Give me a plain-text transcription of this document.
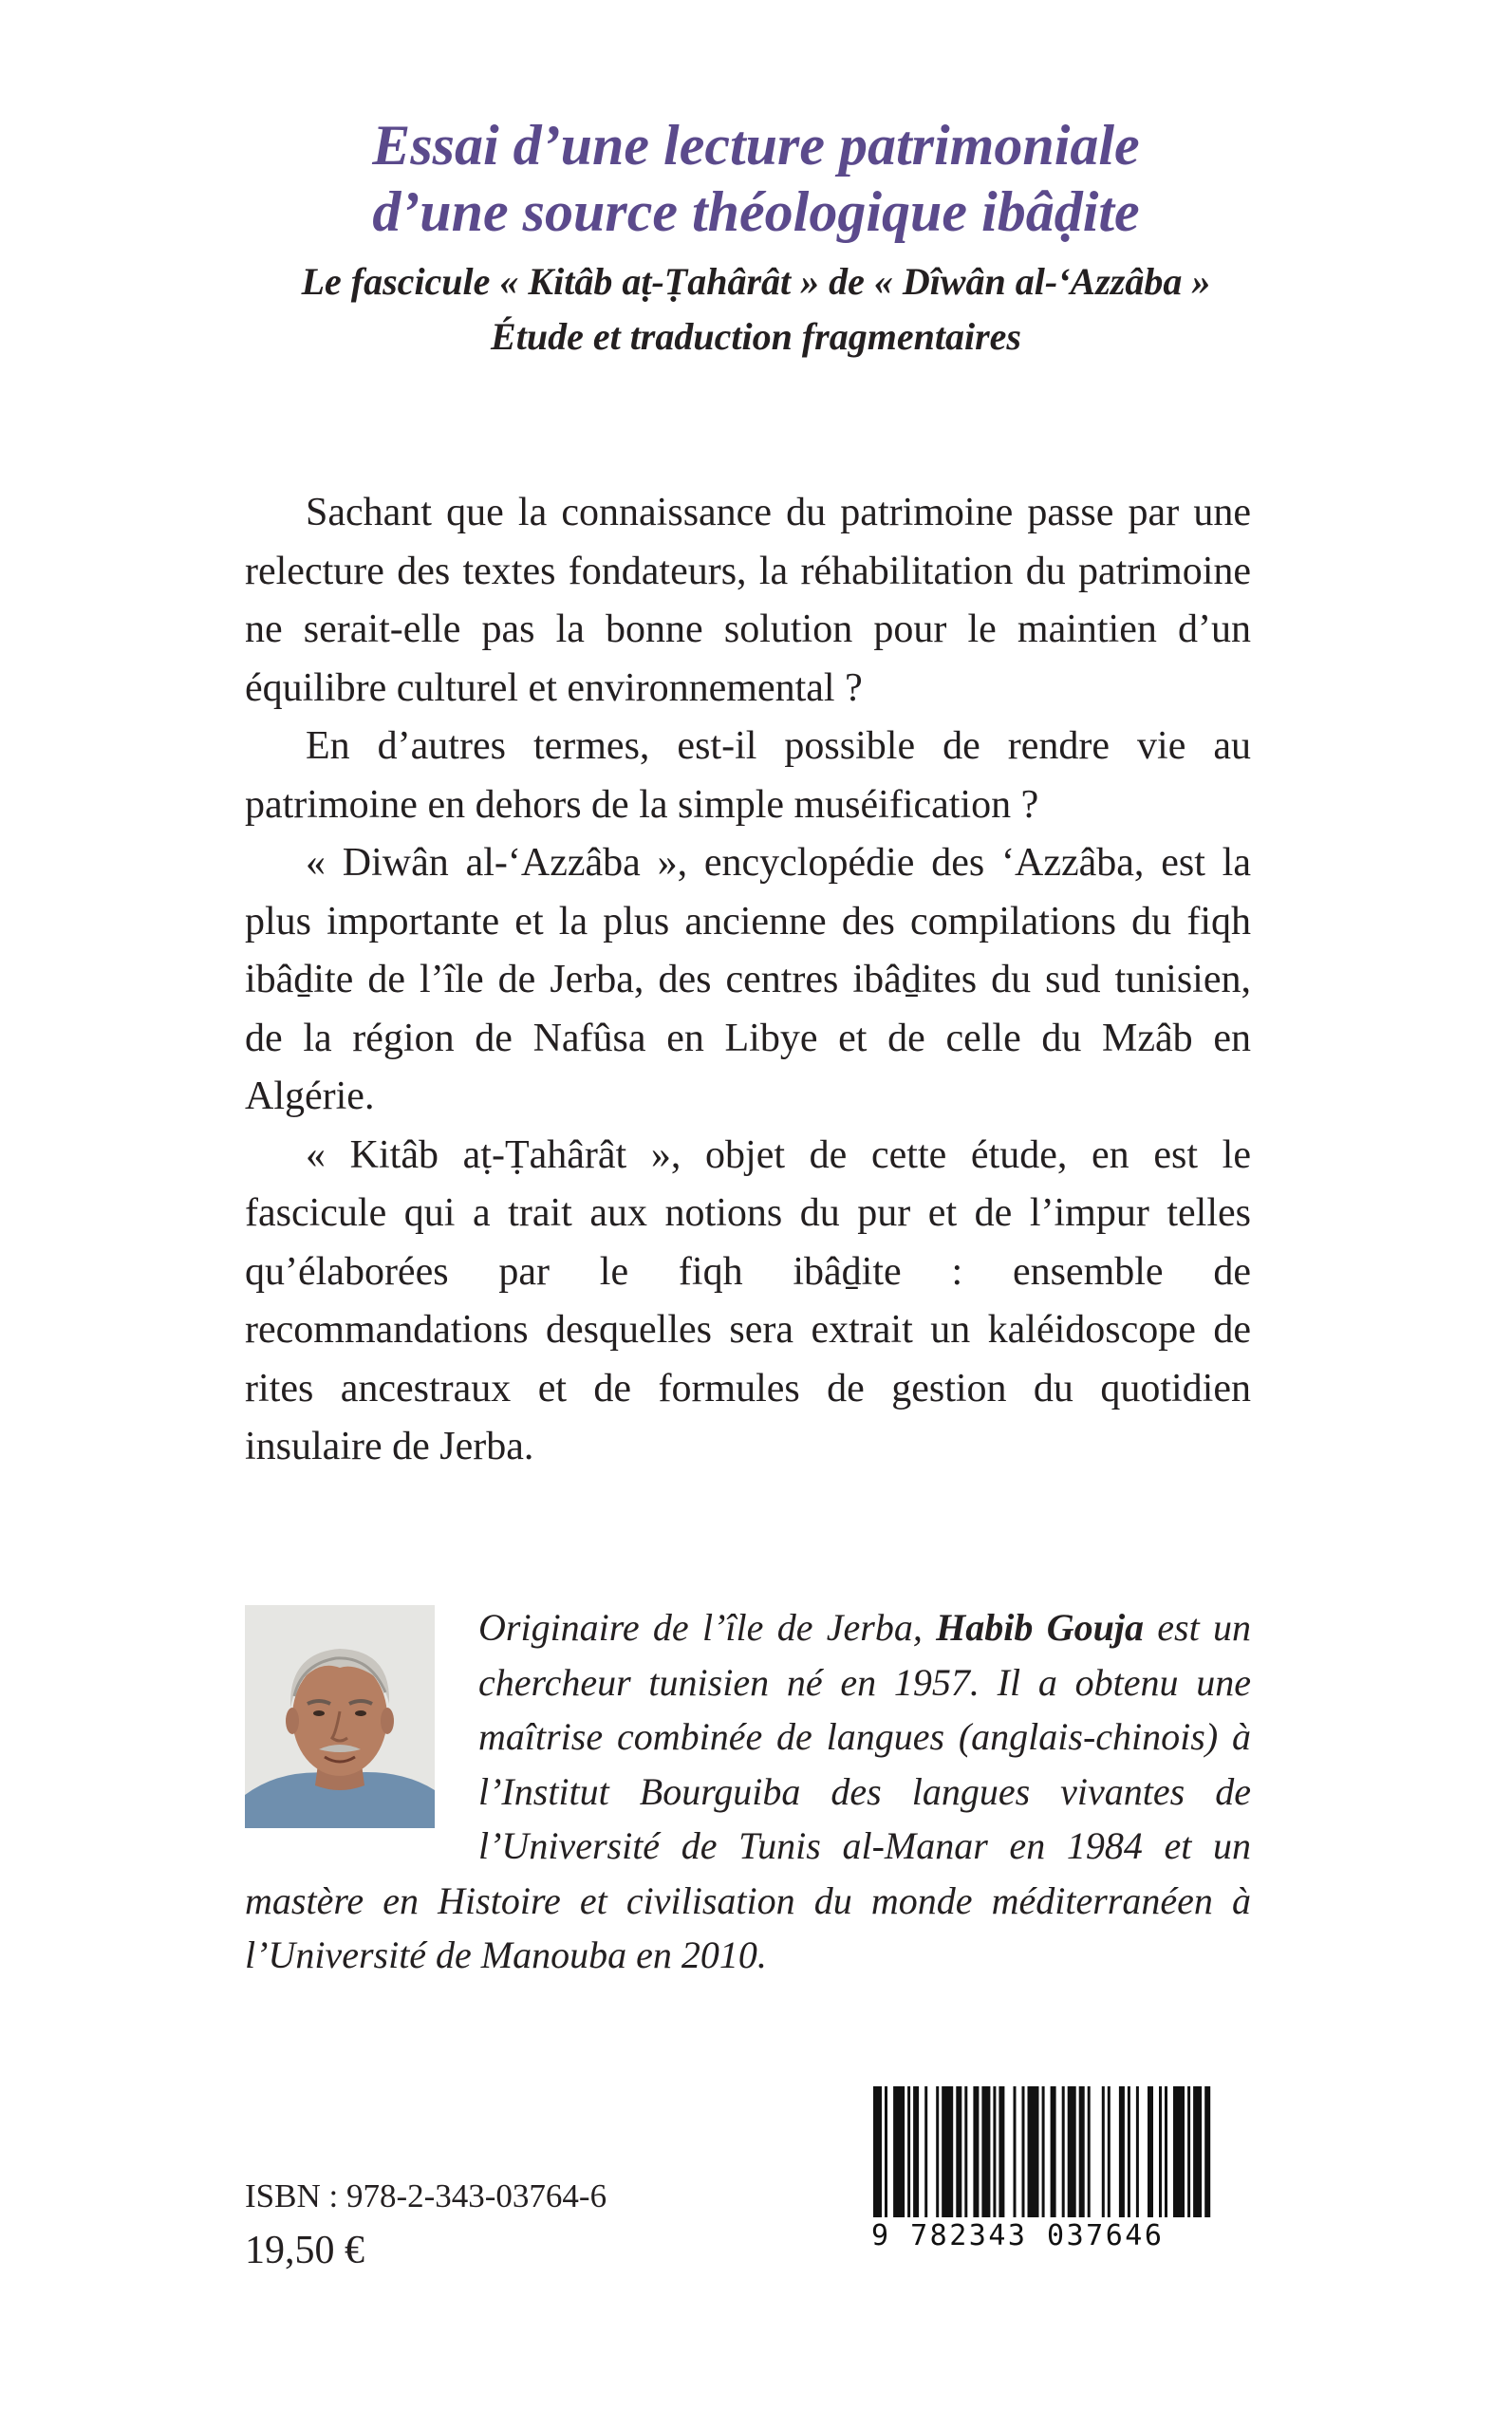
Essai d’une lecture patrimoniale
d’une source théologique ibâḍite
Le fascicule « Kitâb aṭ-Ṭahârât » de « Dîwân al-‘Azzâba »
Étude et traduction fragmentaires

Sachant que la connaissance du patrimoine passe par une relecture des textes fondateurs, la réhabilitation du patrimoine ne serait-elle pas la bonne solution pour le maintien d’un équilibre culturel et environnemental ?

En d’autres termes, est-il possible de rendre vie au patrimoine en dehors de la simple muséification ?

« Diwân al-‘Azzâba », encyclopédie des ‘Azzâba, est la plus importante et la plus ancienne des compilations du fiqh ibâḏite de l’île de Jerba, des centres ibâḏites du sud tunisien, de la région de Nafûsa en Libye et de celle du Mzâb en Algérie.

« Kitâb aṭ-Ṭahârât », objet de cette étude, en est le fascicule qui a trait aux notions du pur et de l’impur telles qu’élaborées par le fiqh ibâḏite : ensemble de recommandations desquelles sera extrait un kaléidoscope de rites ancestraux et de formules de gestion du quotidien insulaire de Jerba.

Originaire de l’île de Jerba, Habib Gouja est un chercheur tunisien né en 1957. Il a obtenu une maîtrise combinée de langues (anglais-chinois) à l’Institut Bourguiba des langues vivantes de l’Université de Tunis al-Manar en 1984 et un mastère en Histoire et civilisation du monde méditerranéen à l’Université de Manouba en 2010.
ISBN : 978-2-343-03764-6
19,50 €	9 782343 037646
